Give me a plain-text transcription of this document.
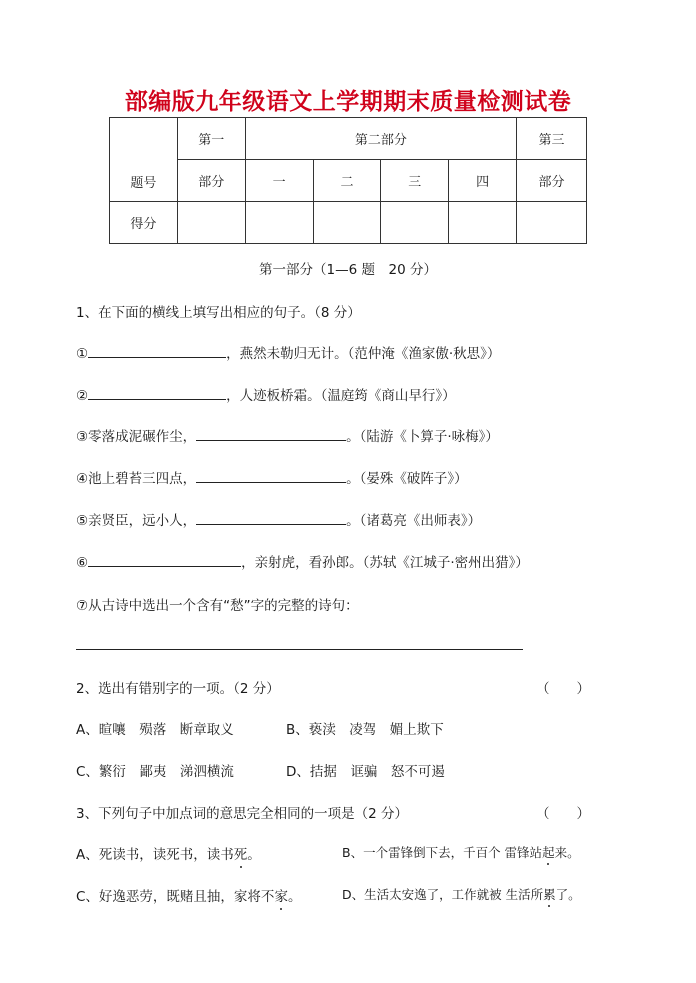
部编版九年级语文上学期期末质量检测试卷
题号	第一	第二部分				第三
	部分	一	二	三	四	部分
得分						
第一部分（1—6 题　20 分）
1、在下面的横线上填写出相应的句子。（8 分）
①	，燕然未勒归无计。（范仲淹《渔家傲·秋思》）
②	，人迹板桥霜。（温庭筠《商山早行》）
③零落成泥碾作尘，	。（陆游《卜算子·咏梅》）
④池上碧苔三四点，	。（晏殊《破阵子》）
⑤亲贤臣，远小人，	。（诸葛亮《出师表》）
⑥	，亲射虎，看孙郎。（苏轼《江城子·密州出猎》）
⑦从古诗中选出一个含有“愁”字的完整的诗句：
2、选出有错别字的一项。（2 分）	（　　）
A、暄嚷　殒落　断章取义	B、亵渎　凌驾　媚上欺下
C、繁衍　鄙夷　涕泗横流	D、拮据　诓骗　怒不可遏
3、下列句子中加点词的意思完全相同的一项是（2 分）	（　　）
A、死读书，读死书，读书死。	B、一个雷锋倒下去，千百个 雷锋站起来。
C、好逸恶劳，既赌且抽，家将不家。	D、生活太安逸了，工作就被 生活所累了。
